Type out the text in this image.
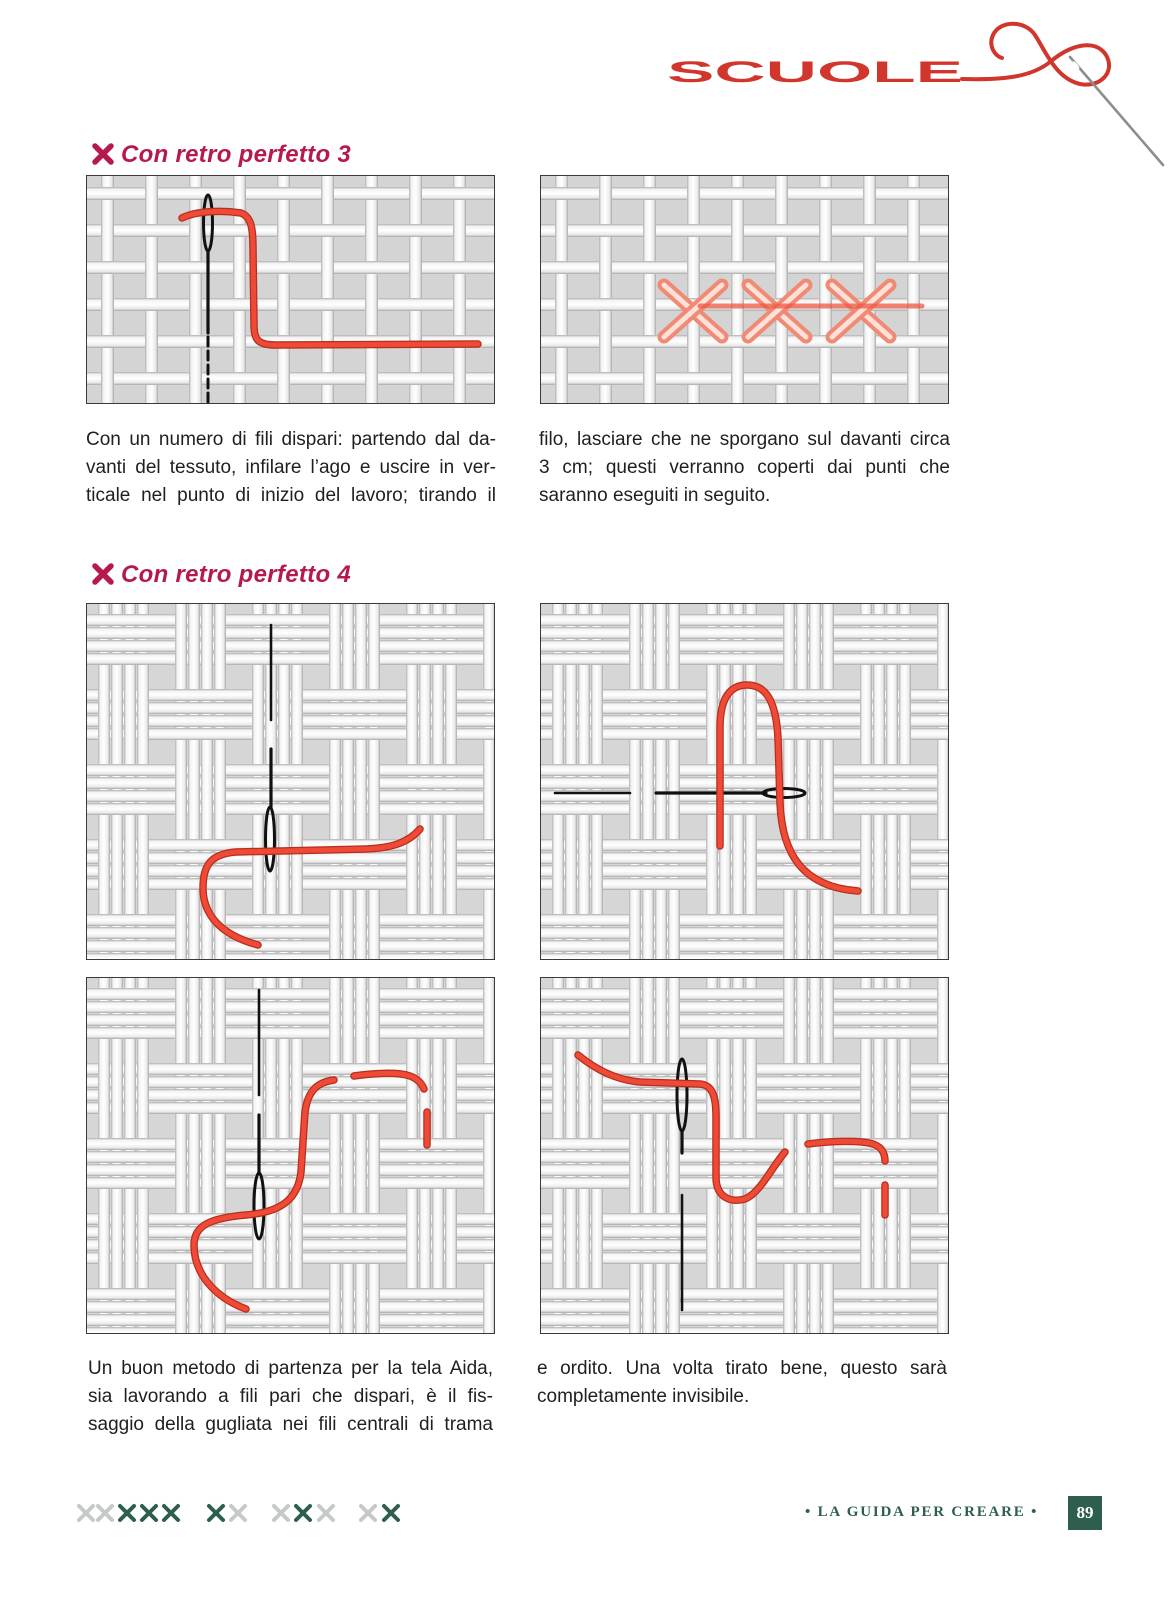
SCUOLE
Con retro perfetto 3
Con un numero di fili dispari: partendo dal da-
vanti del tessuto, infilare l’ago e uscire in ver-
ticale nel punto di inizio del lavoro; tirando il
filo, lasciare che ne sporgano sul davanti circa
3 cm; questi verranno coperti dai punti che
saranno eseguiti in seguito.
Con retro perfetto 4
Un buon metodo di partenza per la tela Aida,
sia lavorando a fili pari che dispari, è il fis-
saggio della gugliata nei fili centrali di trama
e ordito. Una volta tirato bene, questo sarà
completamente invisibile.
• LA GUIDA PER CREARE •	89
